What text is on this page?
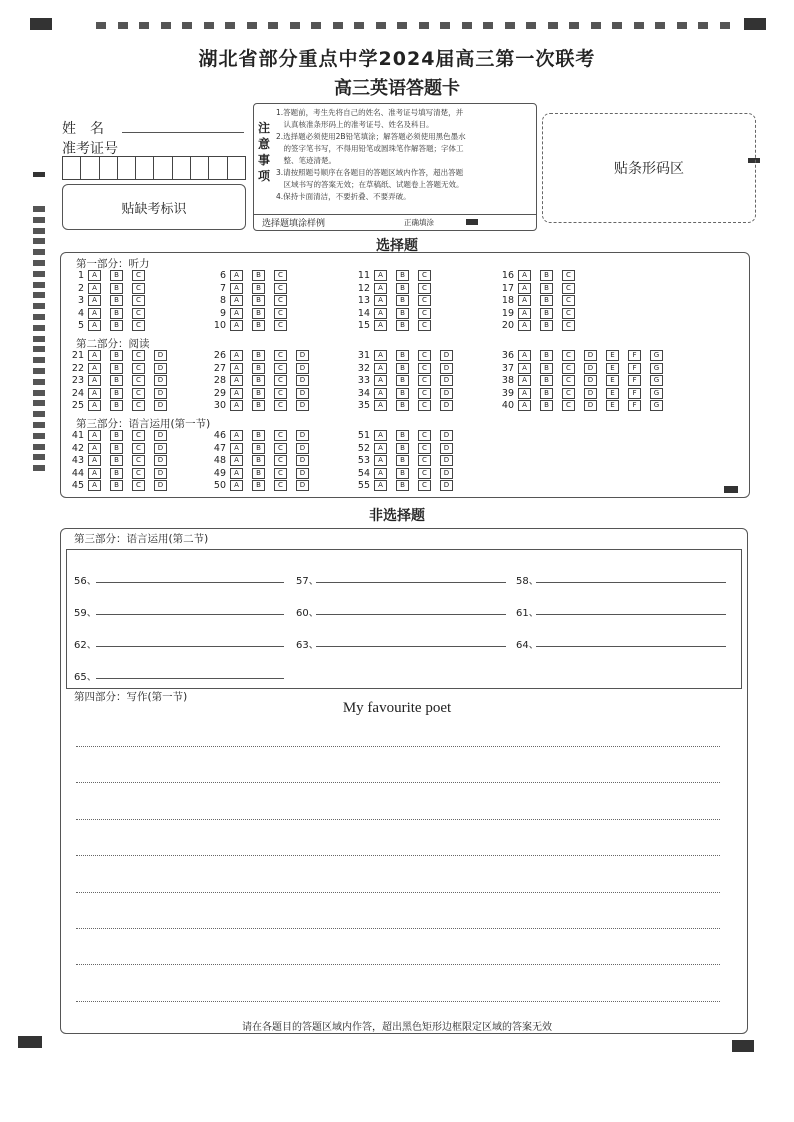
湖北省部分重点中学2024届高三第一次联考
高三英语答题卡
姓　名
准考证号
贴缺考标识
注
意
事
项
1.答题前，考生先将自己的姓名、准考证号填写清楚，并
　认真核准条形码上的准考证号、姓名及科目。
2.选择题必须使用2B铅笔填涂；解答题必须使用黑色墨水
　的签字笔书写，不得用铅笔或圆珠笔作解答题；字体工
　整、笔迹清楚。
3.请按照题号顺序在各题目的答题区域内作答，超出答题
　区域书写的答案无效；在草稿纸、试题卷上答题无效。
4.保持卡面清洁，不要折叠、不要弄破。
选择题填涂样例	正确填涂
贴条形码区
选择题
第一部分：听力
第二部分：阅读
第三部分：语言运用(第一节)
1 A B C
2 A B C
3 A B C
4 A B C
5 A B C
6 A B C
7 A B C
8 A B C
9 A B C
10 A B C
11 A B C
12 A B C
13 A B C
14 A B C
15 A B C
16 A B C
17 A B C
18 A B C
19 A B C
20 A B C
21 A B C D
22 A B C D
23 A B C D
24 A B C D
25 A B C D
26 A B C D
27 A B C D
28 A B C D
29 A B C D
30 A B C D
31 A B C D
32 A B C D
33 A B C D
34 A B C D
35 A B C D
36 A B C D E	F G
37 A B C D E	F G
38 A B C D E	F G
39 A B C D E	F G
40 A B C D E	F G
41 A B C D
42 A B C D
43 A B C D
44 A B C D
45 A B C D
46 A B C D
47 A B C D
48 A B C D
49 A B C D
50 A B C D
51 A B C D
52 A B C D
53 A B C D
54 A B C D
55 A B C D
非选择题
第三部分：语言运用(第二节)
56、	57、	58、
59、	60、	61、
62、	63、	64、
65、
第四部分：写作(第一节)
My favourite poet
请在各题目的答题区域内作答，超出黑色矩形边框限定区域的答案无效
